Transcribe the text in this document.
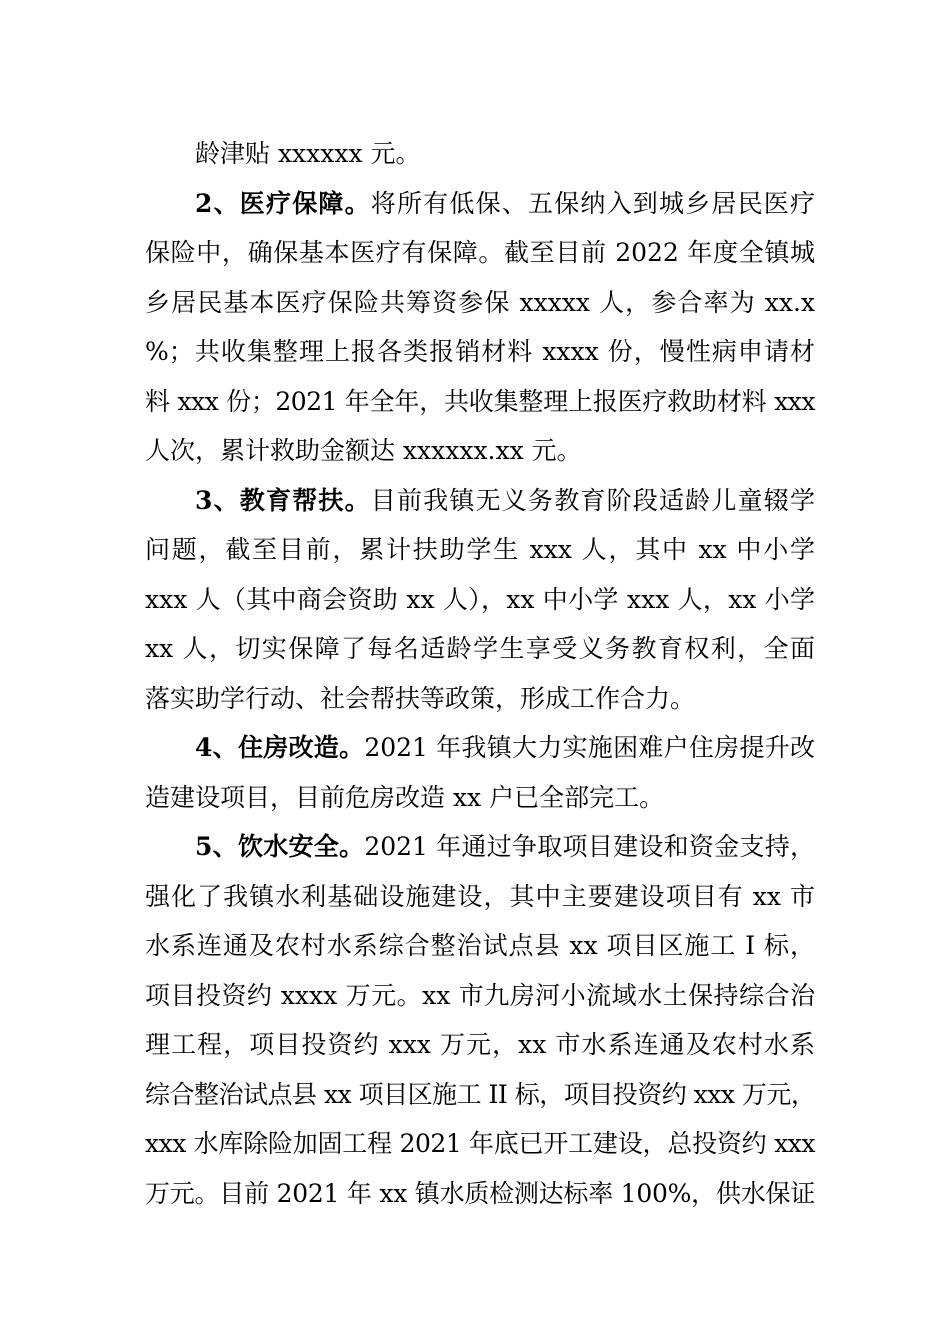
龄津贴 xxxxxx 元。
2、医疗保障。将所有低保、五保纳入到城乡居民医疗
保险中，确保基本医疗有保障。截至目前 2022 年度全镇城
乡居民基本医疗保险共筹资参保 xxxxx 人，参合率为 xx.x
%；共收集整理上报各类报销材料 xxxx 份，慢性病申请材
料 xxx 份；2021 年全年，共收集整理上报医疗救助材料 xxx
人次，累计救助金额达 xxxxxx.xx 元。
3、教育帮扶。目前我镇无义务教育阶段适龄儿童辍学
问题，截至目前，累计扶助学生 xxx 人，其中 xx 中小学
xxx 人（其中商会资助 xx 人），xx 中小学 xxx 人，xx 小学
xx 人，切实保障了每名适龄学生享受义务教育权利，全面
落实助学行动、社会帮扶等政策，形成工作合力。
4、住房改造。2021 年我镇大力实施困难户住房提升改
造建设项目，目前危房改造 xx 户已全部完工。
5、饮水安全。2021 年通过争取项目建设和资金支持，
强化了我镇水利基础设施建设，其中主要建设项目有 xx 市
水系连通及农村水系综合整治试点县 xx 项目区施工 I 标，
项目投资约 xxxx 万元。xx 市九房河小流域水土保持综合治
理工程，项目投资约 xxx 万元，xx 市水系连通及农村水系
综合整治试点县 xx 项目区施工 II 标，项目投资约 xxx 万元，
xxx 水库除险加固工程 2021 年底已开工建设，总投资约 xxx
万元。目前 2021 年 xx 镇水质检测达标率 100%，供水保证
